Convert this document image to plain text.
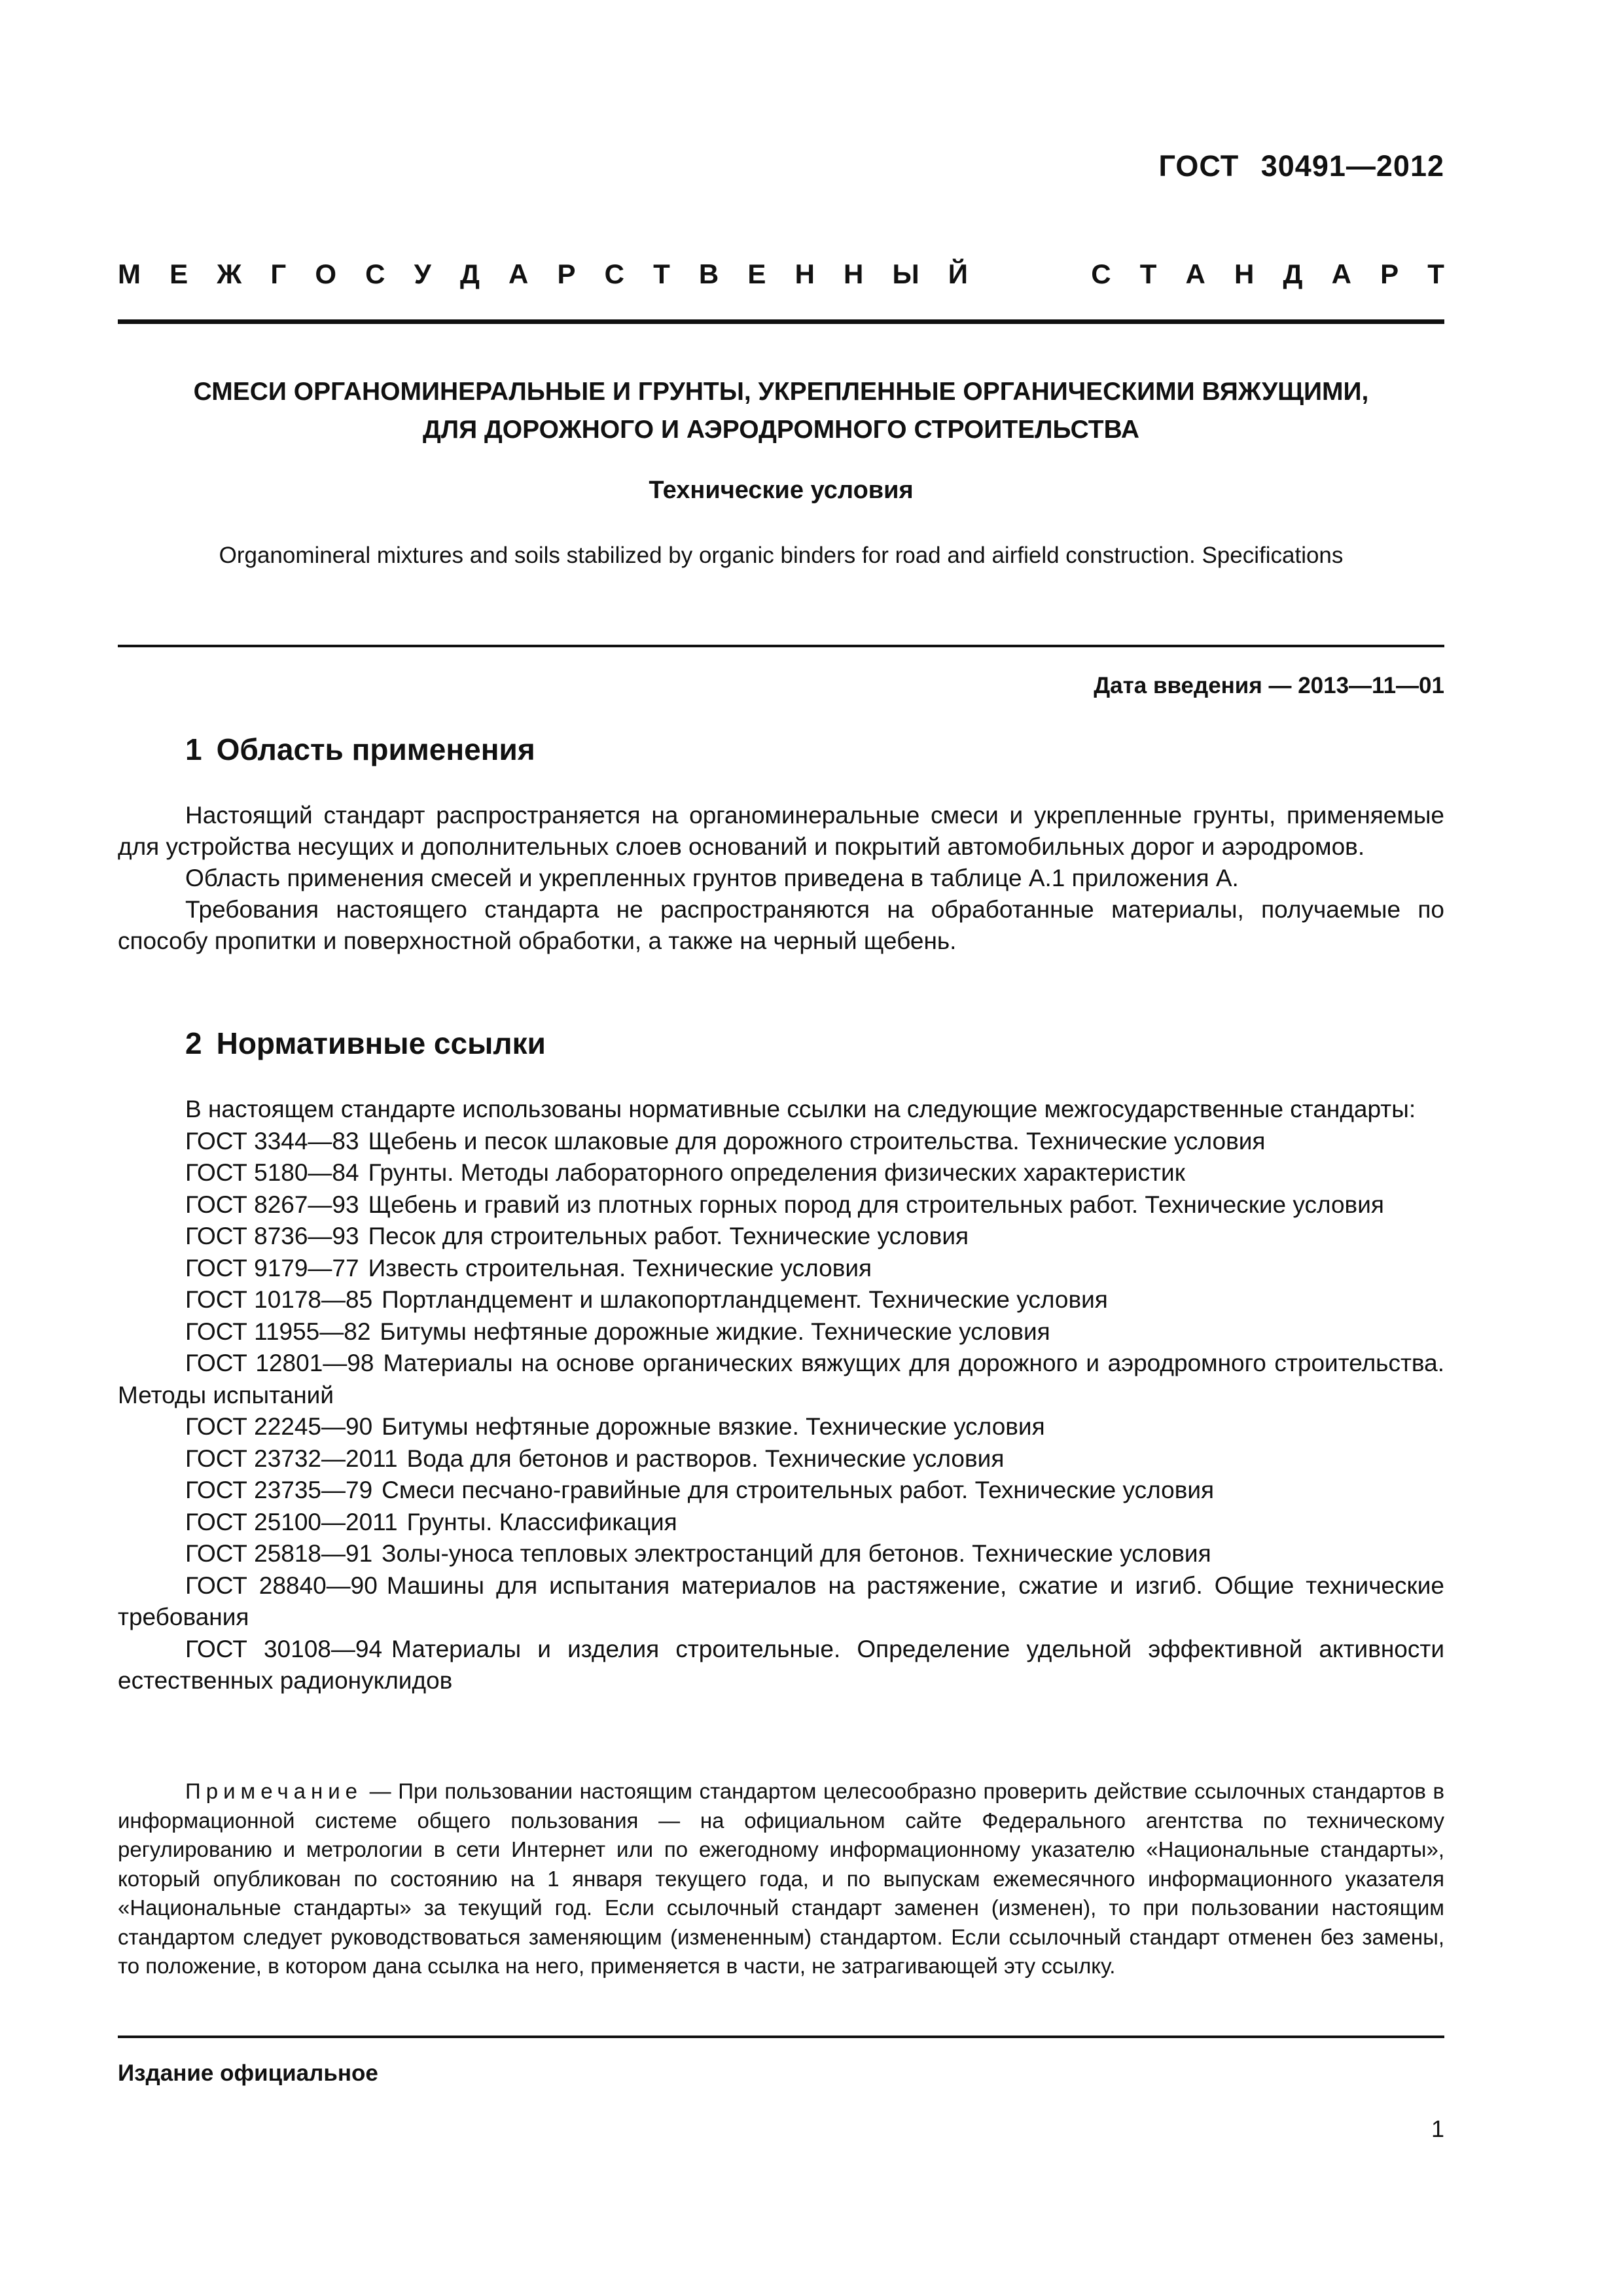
ГОСТ 30491—2012
М Е Ж Г О С У Д А Р С Т В Е Н Н Ы Й	С Т А Н Д А Р Т
СМЕСИ ОРГАНОМИНЕРАЛЬНЫЕ И ГРУНТЫ, УКРЕПЛЕННЫЕ ОРГАНИЧЕСКИМИ ВЯЖУЩИМИ,
ДЛЯ ДОРОЖНОГО И АЭРОДРОМНОГО СТРОИТЕЛЬСТВА
Технические условия
Organomineral mixtures and soils stabilized by organic binders for road and airfield construction. Specifications
Дата введения — 2013—11—01
1 Область применения

Настоящий стандарт распространяется на органоминеральные смеси и укрепленные грунты, применяемые для устройства несущих и дополнительных слоев оснований и покрытий автомобильных дорог и аэродромов.

Область применения смесей и укрепленных грунтов приведена в таблице А.1 приложения А.

Требования настоящего стандарта не распространяются на обработанные материалы, получаемые по способу пропитки и поверхностной обработки, а также на черный щебень.

2 Нормативные ссылки

В настоящем стандарте использованы нормативные ссылки на следующие межгосударственные стандарты:

ГОСТ 3344—83 Щебень и песок шлаковые для дорожного строительства. Технические условия

ГОСТ 5180—84 Грунты. Методы лабораторного определения физических характеристик

ГОСТ 8267—93 Щебень и гравий из плотных горных пород для строительных работ. Технические условия

ГОСТ 8736—93 Песок для строительных работ. Технические условия

ГОСТ 9179—77 Известь строительная. Технические условия

ГОСТ 10178—85 Портландцемент и шлакопортландцемент. Технические условия

ГОСТ 11955—82 Битумы нефтяные дорожные жидкие. Технические условия

ГОСТ 12801—98 Материалы на основе органических вяжущих для дорожного и аэродромного строительства. Методы испытаний

ГОСТ 22245—90 Битумы нефтяные дорожные вязкие. Технические условия

ГОСТ 23732—2011 Вода для бетонов и растворов. Технические условия

ГОСТ 23735—79 Смеси песчано-гравийные для строительных работ. Технические условия

ГОСТ 25100—2011 Грунты. Классификация

ГОСТ 25818—91 Золы-уноса тепловых электростанций для бетонов. Технические условия

ГОСТ 28840—90 Машины для испытания материалов на растяжение, сжатие и изгиб. Общие технические требования

ГОСТ 30108—94 Материалы и изделия строительные. Определение удельной эффективной активности естественных радионуклидов

Примечание — При пользовании настоящим стандартом целесообразно проверить действие ссылочных стандартов в информационной системе общего пользования — на официальном сайте Федерального агентства по техническому регулированию и метрологии в сети Интернет или по ежегодному информационному указателю «Национальные стандарты», который опубликован по состоянию на 1 января текущего года, и по выпускам ежемесячного информационного указателя «Национальные стандарты» за текущий год. Если ссылочный стандарт заменен (изменен), то при пользовании настоящим стандартом следует руководствоваться заменяющим (измененным) стандартом. Если ссылочный стандарт отменен без замены, то положение, в котором дана ссылка на него, применяется в части, не затрагивающей эту ссылку.

Издание официальное
1
